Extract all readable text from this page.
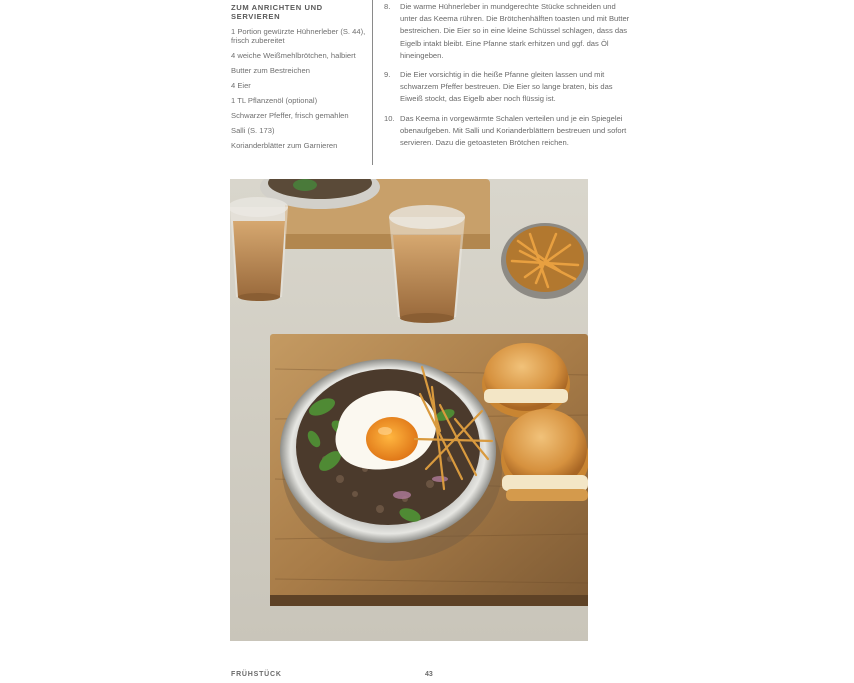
ZUM ANRICHTEN UND SERVIEREN
1 Portion gewürzte Hühnerleber (S. 44), frisch zubereitet
4 weiche Weißmehlbrötchen, halbiert
Butter zum Bestreichen
4 Eier
1 TL Pflanzenöl (optional)
Schwarzer Pfeffer, frisch gemahlen
Salli (S. 173)
Korianderblätter zum Garnieren
8.	Die warme Hühnerleber in mundgerechte Stücke schneiden und unter das Keema rühren. Die Brötchenhälften toasten und mit Butter bestreichen. Die Eier so in eine kleine Schüssel schlagen, dass das Eigelb intakt bleibt. Eine Pfanne stark erhitzen und ggf. das Öl hineingeben.
9.	Die Eier vorsichtig in die heiße Pfanne gleiten lassen und mit schwarzem Pfeffer bestreuen. Die Eier so lange braten, bis das Eiweiß stockt, das Eigelb aber noch flüssig ist.
10. Das Keema in vorgewärmte Schalen verteilen und je ein Spiegelei obenaufgeben. Mit Salli und Korianderblättern bestreuen und sofort servieren. Dazu die getoasteten Brötchen reichen.
FRÜHSTÜCK	43
